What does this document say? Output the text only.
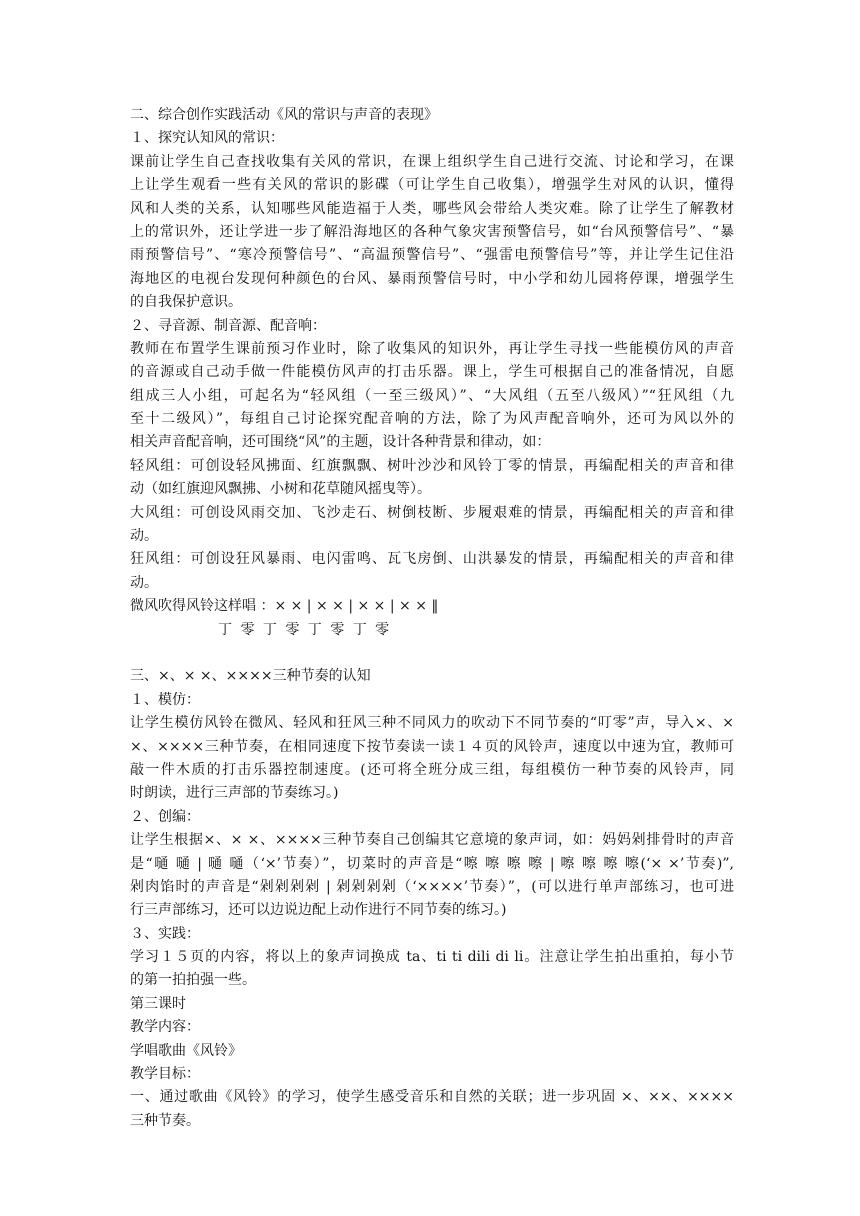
二、综合创作实践活动《风的常识与声音的表现》
１、探究认知风的常识：
课前让学生自己查找收集有关风的常识，在课上组织学生自己进行交流、讨论和学习，在课
上让学生观看一些有关风的常识的影碟（可让学生自己收集），增强学生对风的认识，懂得
风和人类的关系，认知哪些风能造福于人类，哪些风会带给人类灾难。除了让学生了解教材
上的常识外，还让学进一步了解沿海地区的各种气象灾害预警信号，如“台风预警信号”、“暴
雨预警信号”、“寒冷预警信号”、“高温预警信号”、“强雷电预警信号”等，并让学生记住沿
海地区的电视台发现何种颜色的台风、暴雨预警信号时，中小学和幼儿园将停课，增强学生
的自我保护意识。
２、寻音源、制音源、配音响：
教师在布置学生课前预习作业时，除了收集风的知识外，再让学生寻找一些能模仿风的声音
的音源或自己动手做一件能模仿风声的打击乐器。课上，学生可根据自己的准备情况，自愿
组成三人小组，可起名为“轻风组（一至三级风）”、“大风组（五至八级风）”“狂风组（九
至十二级风）”，每组自己讨论探究配音响的方法，除了为风声配音响外，还可为风以外的
相关声音配音响，还可围绕“风”的主题，设计各种背景和律动，如：
轻风组：可创设轻风拂面、红旗飘飘、树叶沙沙和风铃丁零的情景，再编配相关的声音和律
动（如红旗迎风飘拂、小树和花草随风摇曳等）。
大风组：可创设风雨交加、飞沙走石、树倒枝断、步履艰难的情景，再编配相关的声音和律
动。
狂风组：可创设狂风暴雨、电闪雷鸣、瓦飞房倒、山洪暴发的情景，再编配相关的声音和律
动。
微风吹得风铃这样唱 ：× × | × × | × × | × × ‖
丁 零 丁 零 丁 零 丁 零
三、×、× ×、××××三种节奏的认知
１、模仿：
让学生模仿风铃在微风、轻风和狂风三种不同风力的吹动下不同节奏的“叮零”声，导入×、×
×、××××三种节奏，在相同速度下按节奏读一读１４页的风铃声，速度以中速为宜，教师可
敲一件木质的打击乐器控制速度。(还可将全班分成三组，每组模仿一种节奏的风铃声，同
时朗读，进行三声部的节奏练习。)
２、创编：
让学生根据×、× ×、××××三种节奏自己创编其它意境的象声词，如：妈妈剁排骨时的声音
是“嗵 嗵 | 嗵 嗵（‘×’节奏）”，切菜时的声音是“嚓 嚓 嚓 嚓 | 嚓 嚓 嚓 嚓(‘× ×’节奏)”,
剁肉馅时的声音是“剁剁剁剁 | 剁剁剁剁（‘××××’节奏）”，(可以进行单声部练习，也可进
行三声部练习，还可以边说边配上动作进行不同节奏的练习。)
３、实践：
学习１５页的内容，将以上的象声词换成 ta、ti ti dili di li。注意让学生拍出重拍，每小节
的第一拍拍强一些。
第三课时
教学内容：
学唱歌曲《风铃》
教学目标：
一、通过歌曲《风铃》的学习，使学生感受音乐和自然的关联；进一步巩固 ×、××、××××
三种节奏。
